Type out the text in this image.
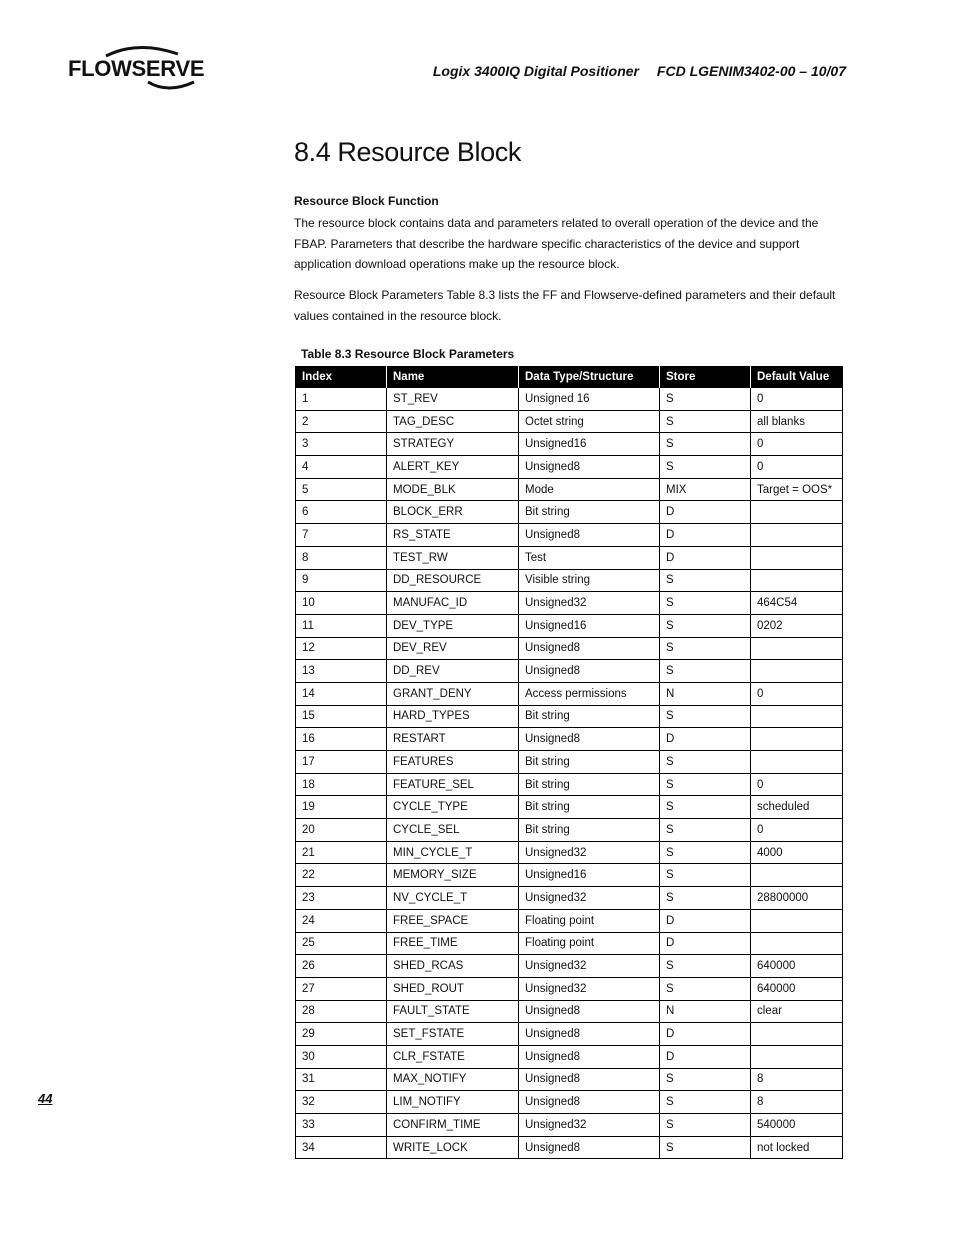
FLOWSERVE	Logix 3400IQ Digital Positioner FCD LGENIM3402-00 – 10/07
8.4 Resource Block

Resource Block Function

The resource block contains data and parameters related to overall operation of the device and the FBAP. Parameters that describe the hardware specific characteristics of the device and support application download operations make up the resource block.

Resource Block Parameters Table 8.3 lists the FF and Flowserve-defined parameters and their default values contained in the resource block.

Table 8.3 Resource Block Parameters

Index	Name	Data Type/Structure	Store	Default Value
1	ST_REV	Unsigned 16	S	0
2	TAG_DESC	Octet string	S	all blanks
3	STRATEGY	Unsigned16	S	0
4	ALERT_KEY	Unsigned8	S	0
5	MODE_BLK	Mode	MIX	Target = OOS*
6	BLOCK_ERR	Bit string	D	
7	RS_STATE	Unsigned8	D	
8	TEST_RW	Test	D	
9	DD_RESOURCE	Visible string	S	
10	MANUFAC_ID	Unsigned32	S	464C54
11	DEV_TYPE	Unsigned16	S	0202
12	DEV_REV	Unsigned8	S	
13	DD_REV	Unsigned8	S	
14	GRANT_DENY	Access permissions	N	0
15	HARD_TYPES	Bit string	S	
16	RESTART	Unsigned8	D	
17	FEATURES	Bit string	S	
18	FEATURE_SEL	Bit string	S	0
19	CYCLE_TYPE	Bit string	S	scheduled
20	CYCLE_SEL	Bit string	S	0
21	MIN_CYCLE_T	Unsigned32	S	4000
22	MEMORY_SIZE	Unsigned16	S	
23	NV_CYCLE_T	Unsigned32	S	28800000
24	FREE_SPACE	Floating point	D	
25	FREE_TIME	Floating point	D	
26	SHED_RCAS	Unsigned32	S	640000
27	SHED_ROUT	Unsigned32	S	640000
28	FAULT_STATE	Unsigned8	N	clear
29	SET_FSTATE	Unsigned8	D	
30	CLR_FSTATE	Unsigned8	D	
31	MAX_NOTIFY	Unsigned8	S	8
32	LIM_NOTIFY	Unsigned8	S	8
33	CONFIRM_TIME	Unsigned32	S	540000
34	WRITE_LOCK	Unsigned8	S	not locked
44
